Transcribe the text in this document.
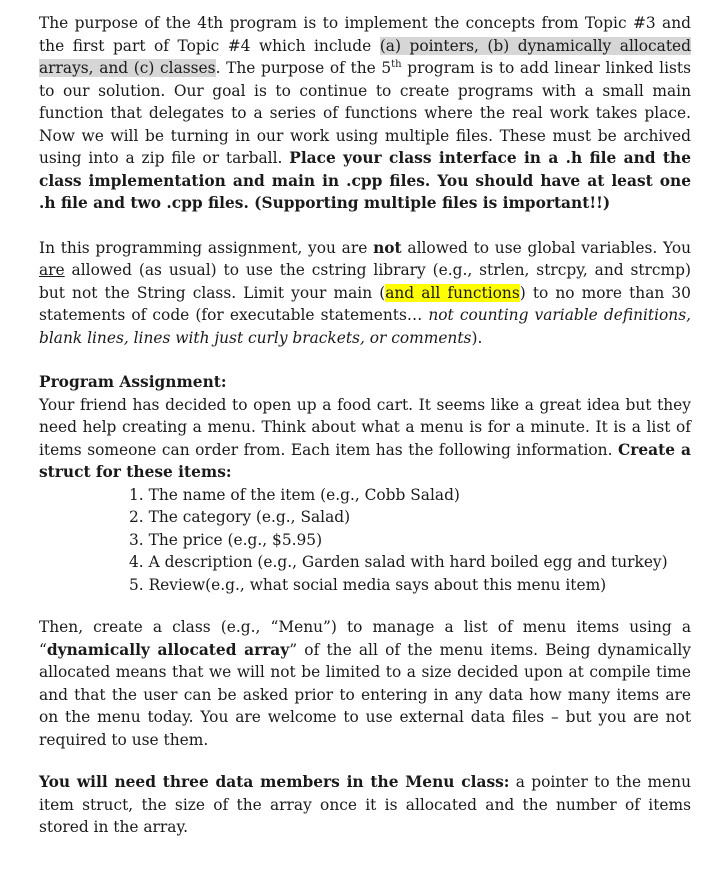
The purpose of the 4th program is to implement the concepts from Topic #3 and the first part of Topic #4 which include (a) pointers, (b) dynamically allocated arrays, and (c) classes. The purpose of the 5th program is to add linear linked lists to our solution. Our goal is to continue to create programs with a small main function that delegates to a series of functions where the real work takes place. Now we will be turning in our work using multiple files. These must be archived using into a zip file or tarball. Place your class interface in a .h file and the class implementation and main in .cpp files. You should have at least one .h file and two .cpp files. (Supporting multiple files is important!!)

In this programming assignment, you are not allowed to use global variables. You are allowed (as usual) to use the cstring library (e.g., strlen, strcpy, and strcmp) but not the String class. Limit your main (and all functions) to no more than 30 statements of code (for executable statements… not counting variable definitions, blank lines, lines with just curly brackets, or comments).

Program Assignment:

Your friend has decided to open up a food cart. It seems like a great idea but they need help creating a menu. Think about what a menu is for a minute. It is a list of items someone can order from. Each item has the following information. Create a struct for these items:

1. The name of the item (e.g., Cobb Salad)
2. The category (e.g., Salad)
3. The price (e.g., $5.95)
4. A description (e.g., Garden salad with hard boiled egg and turkey)
5. Review(e.g., what social media says about this menu item)

Then, create a class (e.g., “Menu”) to manage a list of menu items using a “dynamically allocated array” of the all of the menu items. Being dynamically allocated means that we will not be limited to a size decided upon at compile time and that the user can be asked prior to entering in any data how many items are on the menu today. You are welcome to use external data files – but you are not required to use them.

You will need three data members in the Menu class: a pointer to the menu item struct, the size of the array once it is allocated and the number of items stored in the array.
